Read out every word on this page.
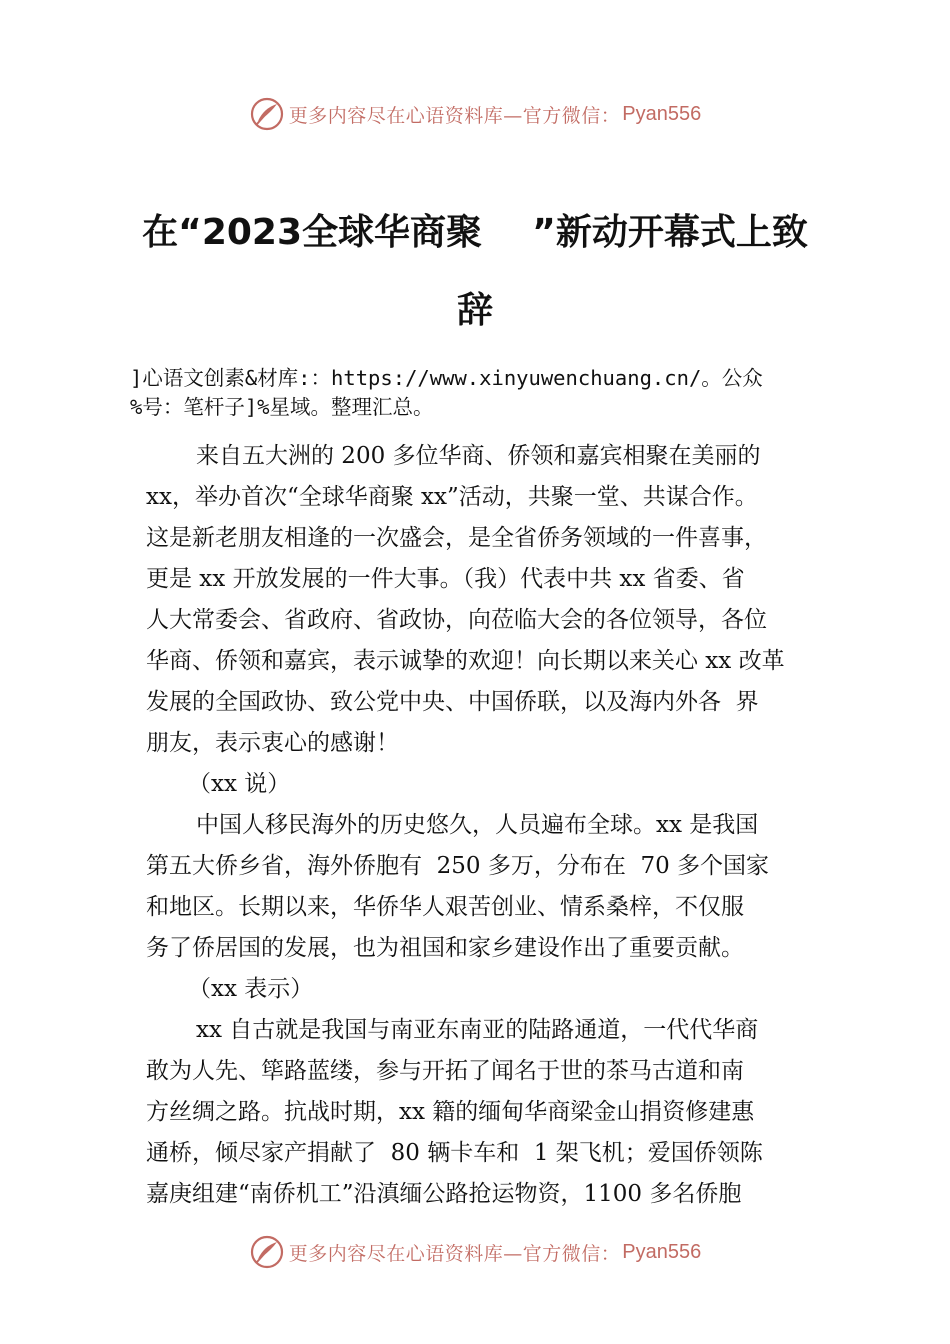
更多内容尽在心语资料库—官方微信： Pyan556
在“2023全球华商聚    ”新动开幕式上致
辞
]心语文创素&材库:：https://www.xinyuwenchuang.cn/。公众
%号：笔杆子]%星域。整理汇总。
来自五大洲的 200 多位华商、侨领和嘉宾相聚在美丽的
xx，举办首次“全球华商聚 xx”活动，共聚一堂、共谋合作。
这是新老朋友相逢的一次盛会，是全省侨务领域的一件喜事，
更是 xx 开放发展的一件大事。（我）代表中共 xx 省委、省
人大常委会、省政府、省政协，向莅临大会的各位领导，各位
华商、侨领和嘉宾，表示诚挚的欢迎！向长期以来关心 xx 改革
发展的全国政协、致公党中央、中国侨联，以及海内外各  界
朋友，表示衷心的感谢！
（xx 说）
中国人移民海外的历史悠久，人员遍布全球。xx 是我国
第五大侨乡省，海外侨胞有  250 多万，分布在  70 多个国家
和地区。长期以来，华侨华人艰苦创业、情系桑梓，不仅服
务了侨居国的发展，也为祖国和家乡建设作出了重要贡献。
（xx 表示）
xx 自古就是我国与南亚东南亚的陆路通道，一代代华商
敢为人先、筚路蓝缕，参与开拓了闻名于世的茶马古道和南
方丝绸之路。抗战时期，xx 籍的缅甸华商梁金山捐资修建惠
通桥，倾尽家产捐献了  80 辆卡车和  1 架飞机；爱国侨领陈
嘉庚组建“南侨机工”沿滇缅公路抢运物资，1100 多名侨胞
更多内容尽在心语资料库—官方微信： Pyan556
